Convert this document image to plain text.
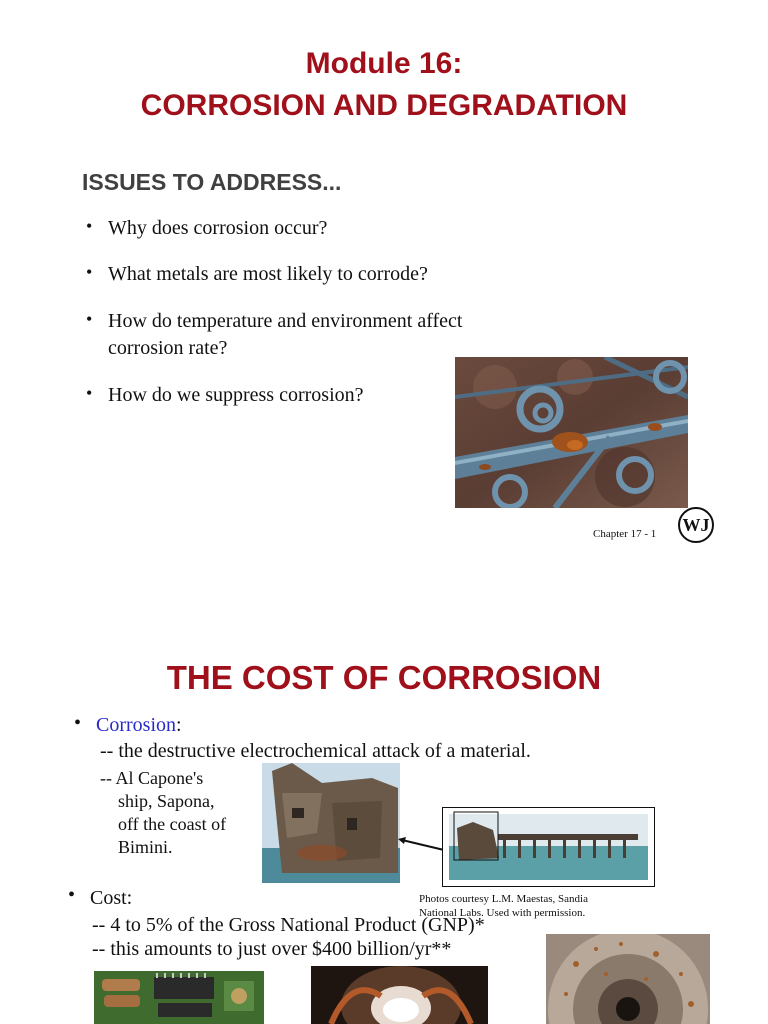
Module 16:
CORROSION AND DEGRADATION
ISSUES TO ADDRESS...
• Why does corrosion occur?
• What metals are most likely to corrode?
• How do temperature and environment affect
corrosion rate?
• How do we suppress corrosion?
Chapter 17 - 1 WJ
THE COST OF CORROSION
• Corrosion:
-- the destructive electrochemical attack of a material.
-- Al Capone's
ship, Sapona,
off the coast of
Bimini.
Photos courtesy L.M. Maestas, Sandia
National Labs. Used with permission.
• Cost:
-- 4 to 5% of the Gross National Product (GNP)*
-- this amounts to just over $400 billion/yr**
